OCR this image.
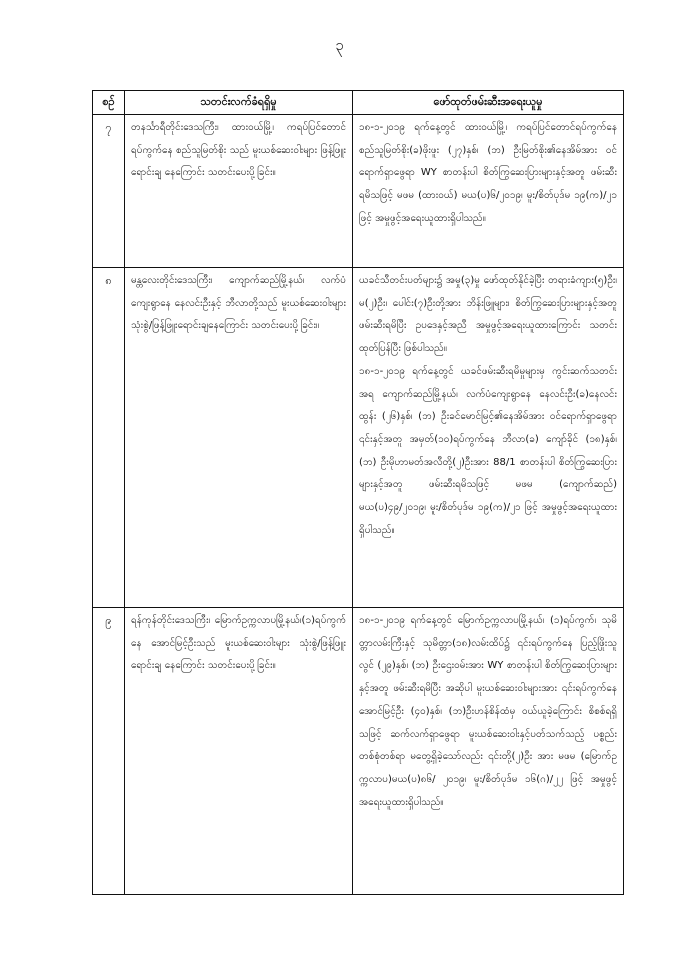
၃
စဉ်	သတင်းလက်ခံရရှိမှု	ဖော်ထုတ်ဖမ်းဆီးအရေးယူမှု
၇	တနင်္သာရီတိုင်းဒေသကြီး၊ ထားဝယ်မြို့၊ ကရပ်ပြင်တောင်ရပ်ကွက်နေ စည်သူမြတ်စိုး သည် မူးယစ်ဆေးဝါးများ ဖြန့်ဖြူးရောင်းချ နေကြောင်း သတင်းပေးပို့ခြင်း။	၁၈-၁-၂၀၁၉ ရက်နေ့တွင် ထားဝယ်မြို့၊ ကရပ်ပြင်တောင်ရပ်ကွက်နေ စည်သူမြတ်စိုး(ခ)ဖိုးဖူး (၂၇)နှစ်၊ (ဘ) ဦးမြတ်စိုး၏နေအိမ်အား ဝင်ရောက်ရှာဖွေရာ WY စာတန်းပါ စိတ်ကြွဆေးပြားများနှင့်အတူ ဖမ်းဆီးရမိသဖြင့် မဖမ (ထားဝယ်) မယ(ပ)၆/၂၀၁၉၊ မူး/စိတ်ပုဒ်မ ၁၉(က)/၂၁ ဖြင့် အမှုဖွင့်အရေးယူထားရှိပါသည်။

၈	မန္တလေးတိုင်းဒေသကြီး၊ ကျောက်ဆည်မြို့နယ်၊ လက်ပံကျေးရွာနေ နေလင်းဦးနှင့် ဘီလာတို့သည် မူးယစ်ဆေးဝါးများ သုံးစွဲ/ဖြန့်ဖြူးရောင်းချနေကြောင်း သတင်းပေးပို့ခြင်း။	ယခင်သီတင်းပတ်များ၌ အမှု(၃)မှု ဖော်ထုတ်နိုင်ခဲ့ပြီး တရားခံကျား(၅)ဦး၊ မ(၂)ဦး၊ ပေါင်း(၇)ဦးတို့အား ဘိန်းဖြူများ၊ စိတ်ကြွဆေးပြားများနှင့်အတူ ဖမ်းဆီးရမိပြီး ဥပဒေနှင့်အညီ အမှုဖွင့်အရေးယူထားကြောင်း သတင်းထုတ်ပြန်ပြီး ဖြစ်ပါသည်။

၁၈-၁-၂၀၁၉ ရက်နေ့တွင် ယခင်ဖမ်းဆီးရမိမှုများမှ ကွင်းဆက်သတင်းအရ ကျောက်ဆည်မြို့နယ်၊ လက်ပံကျေးရွာနေ နေလင်းဦး(ခ)နေလင်းထွန်း (၂၆)နှစ်၊ (ဘ) ဦးခင်မောင်မြင့်၏နေအိမ်အား ဝင်ရောက်ရှာဖွေရာ ၎င်းနှင့်အတူ အမှတ်(၁၀)ရပ်ကွက်နေ ဘီလာ(ခ) ကျော်ခိုင် (၁၈)နှစ်၊ (ဘ) ဦးမိုဟာမတ်အလီတို့(၂)ဦးအား 88/1 စာတန်းပါ စိတ်ကြွဆေးပြားများနှင့်အတူ ဖမ်းဆီးရမိသဖြင့် မဖမ (ကျောက်ဆည်) မယ(ပ)၄၉/၂၀၁၉၊ မူး/စိတ်ပုဒ်မ ၁၉(က)/၂၁ ဖြင့် အမှုဖွင့်အရေးယူထားရှိပါသည်။

၉	ရန်ကုန်တိုင်းဒေသကြီး၊ မြောက်ဥက္ကလာပမြို့နယ်၊(၁)ရပ်ကွက်နေ အောင်မြင့်ဦးသည် မူးယစ်ဆေးဝါးများ သုံးစွဲ/ဖြန့်ဖြူးရောင်းချ နေကြောင်း သတင်းပေးပို့ခြင်း။	၁၈-၁-၂၀၁၉ ရက်နေ့တွင် မြောက်ဥက္ကလာပမြို့နယ်၊ (၁)ရပ်ကွက်၊ သုမိတ္တာလမ်းကြီးနှင့် သုမိတ္တာ(၁၈)လမ်းထိပ်၌ ၎င်းရပ်ကွက်နေ ပြည့်ဖြိုးသူလွင် (၂၉)နှစ်၊ (ဘ) ဦးဌေးဝမ်းအား WY စာတန်းပါ စိတ်ကြွဆေးပြားများနှင့်အတူ ဖမ်းဆီးရမိပြီး အဆိုပါ မူးယစ်ဆေးဝါးများအား ၎င်းရပ်ကွက်နေ အောင်မြင့်ဦး (၄၀)နှစ်၊ (ဘ)ဦးဟန်စိန်ထံမှ ဝယ်ယူခဲ့ကြောင်း စိစစ်ရရှိသဖြင့် ဆက်လက်ရှာဖွေရာ မူးယစ်ဆေးဝါးနှင့်ပတ်သက်သည့် ပစ္စည်းတစ်စုံတစ်ရာ မတွေ့ရှိခဲ့သော်လည်း ၎င်းတို့(၂)ဦး အား မဖမ (မြောက်ဥက္ကလာပ)မယ(ပ)၈၆/ ၂၀၁၉၊ မူး/စိတ်ပုဒ်မ ၁၆(ဂ)/၂၂ ဖြင့် အမှုဖွင့်အရေးယူထားရှိပါသည်။
